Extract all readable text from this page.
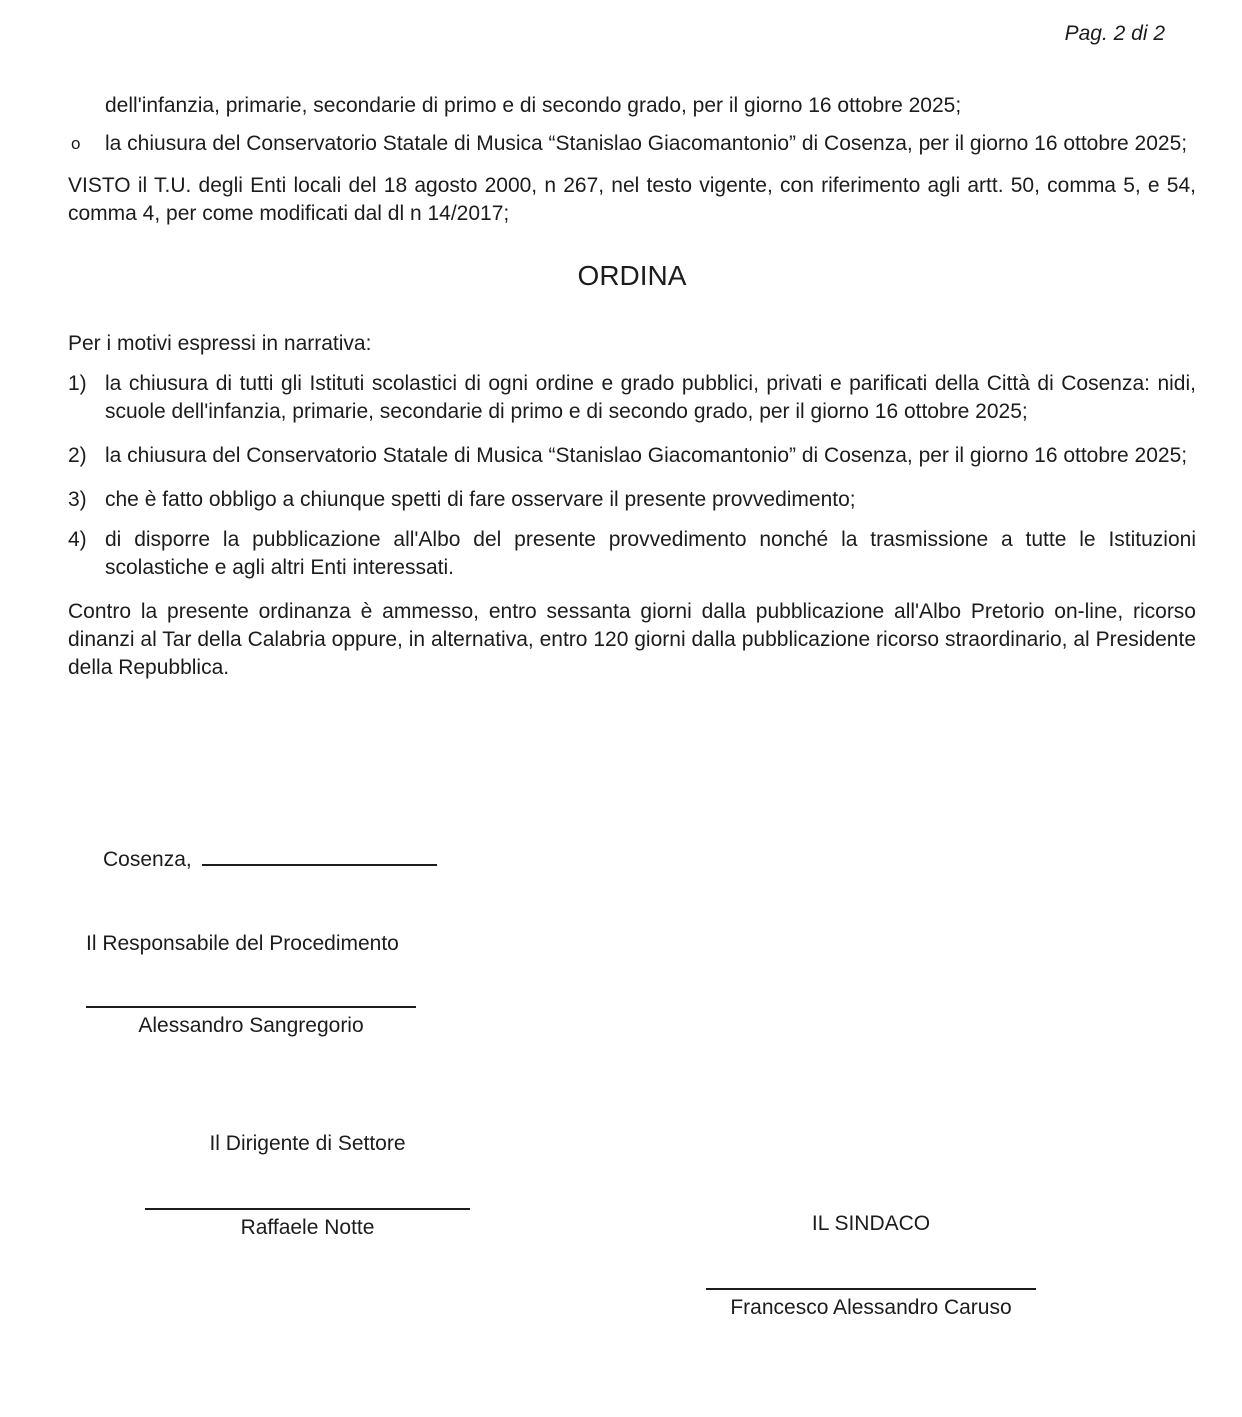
Pag. 2 di 2
dell'infanzia, primarie, secondarie di primo e di secondo grado, per il giorno 16 ottobre 2025;
o	la chiusura del Conservatorio Statale di Musica “Stanislao Giacomantonio” di Cosenza, per il giorno 16 ottobre 2025;
VISTO il T.U. degli Enti locali del 18 agosto 2000, n 267, nel testo vigente, con riferimento agli artt. 50, comma 5, e 54, comma 4, per come modificati dal dl n 14/2017;
ORDINA
Per i motivi espressi in narrativa:
1) la chiusura di tutti gli Istituti scolastici di ogni ordine e grado pubblici, privati e parificati della Città di Cosenza: nidi, scuole dell'infanzia, primarie, secondarie di primo e di secondo grado, per il giorno 16 ottobre 2025;
2) la chiusura del Conservatorio Statale di Musica “Stanislao Giacomantonio” di Cosenza, per il giorno 16 ottobre 2025;
3) che è fatto obbligo a chiunque spetti di fare osservare il presente provvedimento;
4) di disporre la pubblicazione all'Albo del presente provvedimento nonché la trasmissione a tutte le Istituzioni scolastiche e agli altri Enti interessati.
Contro la presente ordinanza è ammesso, entro sessanta giorni dalla pubblicazione all'Albo Pretorio on-line, ricorso dinanzi al Tar della Calabria oppure, in alternativa, entro 120 giorni dalla pubblicazione ricorso straordinario, al Presidente della Repubblica.
Cosenza,
Il Responsabile del Procedimento
Alessandro Sangregorio
Il Dirigente di Settore
Raffaele Notte	IL SINDACO
Francesco Alessandro Caruso
